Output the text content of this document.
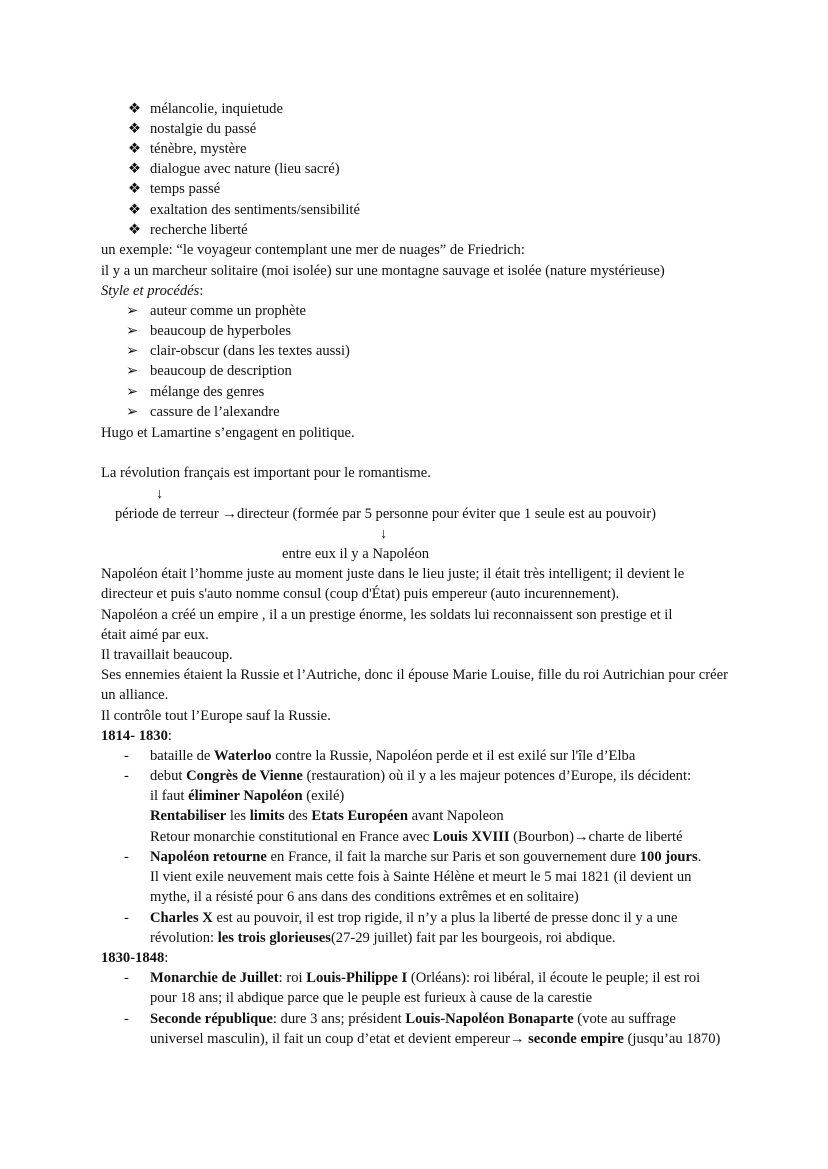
❖ mélancolie, inquietude
❖ nostalgie du passé
❖ ténèbre, mystère
❖ dialogue avec nature (lieu sacré)
❖ temps passé
❖ exaltation des sentiments/sensibilité
❖ recherche liberté
un exemple: “le voyageur contemplant une mer de nuages” de Friedrich:
il y a un marcheur solitaire (moi isolée) sur une montagne sauvage et isolée (nature mystérieuse)
Style et procédés:
➢ auteur comme un prophète
➢ beaucoup de hyperboles
➢ clair-obscur (dans les textes aussi)
➢ beaucoup de description
➢ mélange des genres
➢ cassure de l’alexandre
Hugo et Lamartine s’engagent en politique.
La révolution français est important pour le romantisme.
↓
période de terreur →directeur (formée par 5 personne pour éviter que 1 seule est au pouvoir)
↓
entre eux il y a Napoléon
Napoléon était l’homme juste au moment juste dans le lieu juste; il était très intelligent; il devient le directeur et puis s'auto nomme consul (coup d'État) puis empereur (auto incurennement).
Napoléon a créé un empire , il a un prestige énorme, les soldats lui reconnaissent son prestige et il était aimé par eux.
Il travaillait beaucoup.
Ses ennemies étaient la Russie et l’Autriche, donc il épouse Marie Louise, fille du roi Autrichian pour créer un alliance.
Il contrôle tout l’Europe sauf la Russie.
1814- 1830:
- bataille de Waterloo contre la Russie, Napoléon perde et il est exilé sur l'île d’Elba
- debut Congrès de Vienne (restauration) où il y a les majeur potences d’Europe, ils décident:
il faut éliminer Napoléon (exilé)
Rentabiliser les limits des Etats Européen avant Napoleon
Retour monarchie constitutional en France avec Louis XVIII (Bourbon)→charte de liberté
- Napoléon retourne en France, il fait la marche sur Paris et son gouvernement dure 100 jours.
Il vient exile neuvement mais cette fois à Sainte Hélène et meurt le 5 mai 1821 (il devient un mythe, il a résisté pour 6 ans dans des conditions extrêmes et en solitaire)
- Charles X est au pouvoir, il est trop rigide, il n’y a plus la liberté de presse donc il y a une révolution: les trois glorieuses(27-29 juillet) fait par les bourgeois, roi abdique.
1830-1848:
- Monarchie de Juillet: roi Louis-Philippe I (Orléans): roi libéral, il écoute le peuple; il est roi pour 18 ans; il abdique parce que le peuple est furieux à cause de la carestie
- Seconde république: dure 3 ans; président Louis-Napoléon Bonaparte (vote au suffrage universel masculin), il fait un coup d’etat et devient empereur→ seconde empire (jusqu’au 1870)
